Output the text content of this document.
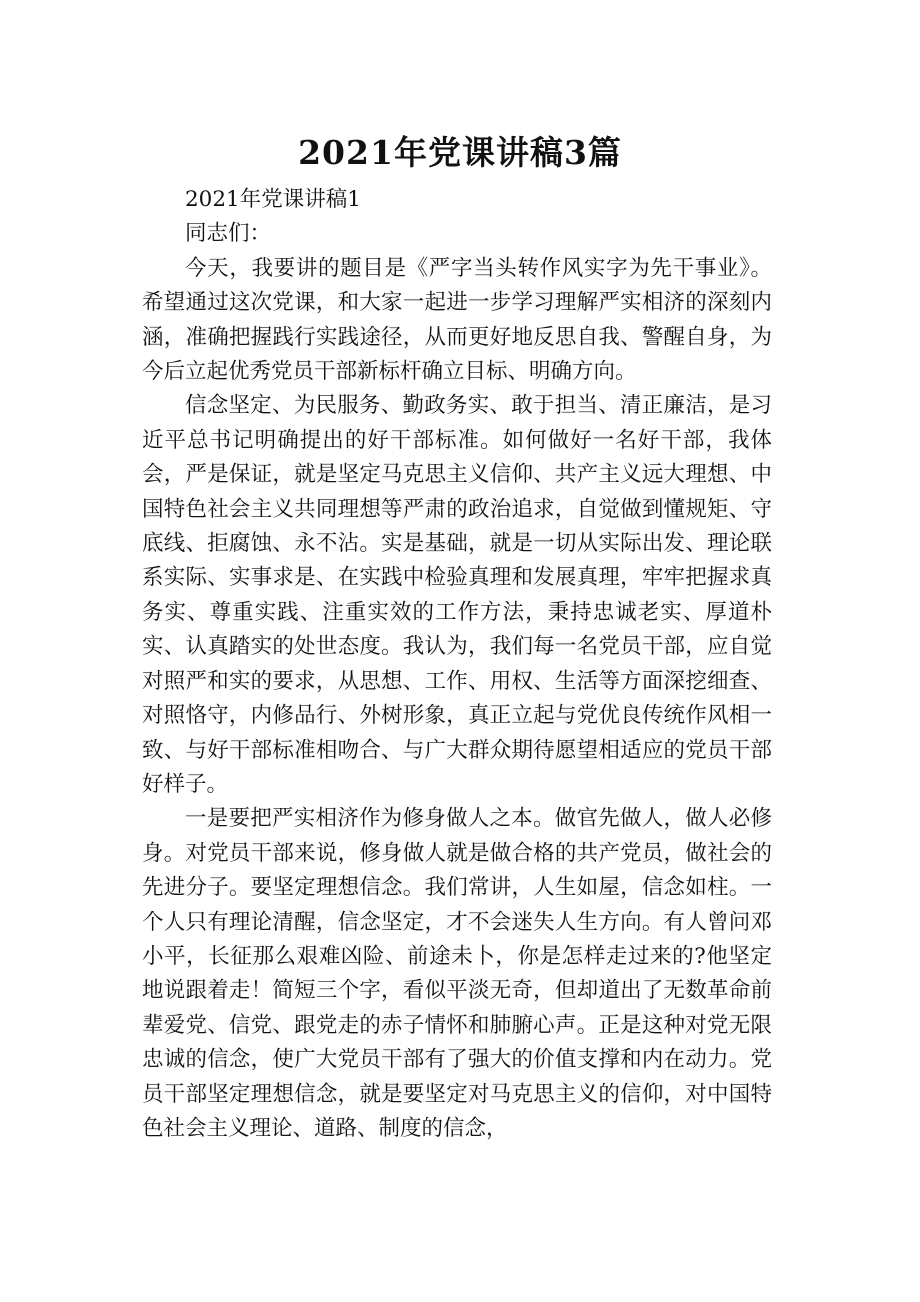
2021年党课讲稿3篇

2021年党课讲稿1

同志们：

今天，我要讲的题目是《严字当头转作风实字为先干事业》。希望通过这次党课，和大家一起进一步学习理解严实相济的深刻内涵，准确把握践行实践途径，从而更好地反思自我、警醒自身，为今后立起优秀党员干部新标杆确立目标、明确方向。

信念坚定、为民服务、勤政务实、敢于担当、清正廉洁，是习近平总书记明确提出的好干部标准。如何做好一名好干部，我体会，严是保证，就是坚定马克思主义信仰、共产主义远大理想、中国特色社会主义共同理想等严肃的政治追求，自觉做到懂规矩、守底线、拒腐蚀、永不沾。实是基础，就是一切从实际出发、理论联系实际、实事求是、在实践中检验真理和发展真理，牢牢把握求真务实、尊重实践、注重实效的工作方法，秉持忠诚老实、厚道朴实、认真踏实的处世态度。我认为，我们每一名党员干部，应自觉对照严和实的要求，从思想、工作、用权、生活等方面深挖细查、对照恪守，内修品行、外树形象，真正立起与党优良传统作风相一致、与好干部标准相吻合、与广大群众期待愿望相适应的党员干部好样子。

一是要把严实相济作为修身做人之本。做官先做人，做人必修身。对党员干部来说，修身做人就是做合格的共产党员，做社会的先进分子。要坚定理想信念。我们常讲，人生如屋，信念如柱。一个人只有理论清醒，信念坚定，才不会迷失人生方向。有人曾问邓小平，长征那么艰难凶险、前途未卜，你是怎样走过来的?他坚定地说跟着走！简短三个字，看似平淡无奇，但却道出了无数革命前辈爱党、信党、跟党走的赤子情怀和肺腑心声。正是这种对党无限忠诚的信念，使广大党员干部有了强大的价值支撑和内在动力。党员干部坚定理想信念，就是要坚定对马克思主义的信仰，对中国特色社会主义理论、道路、制度的信念，
